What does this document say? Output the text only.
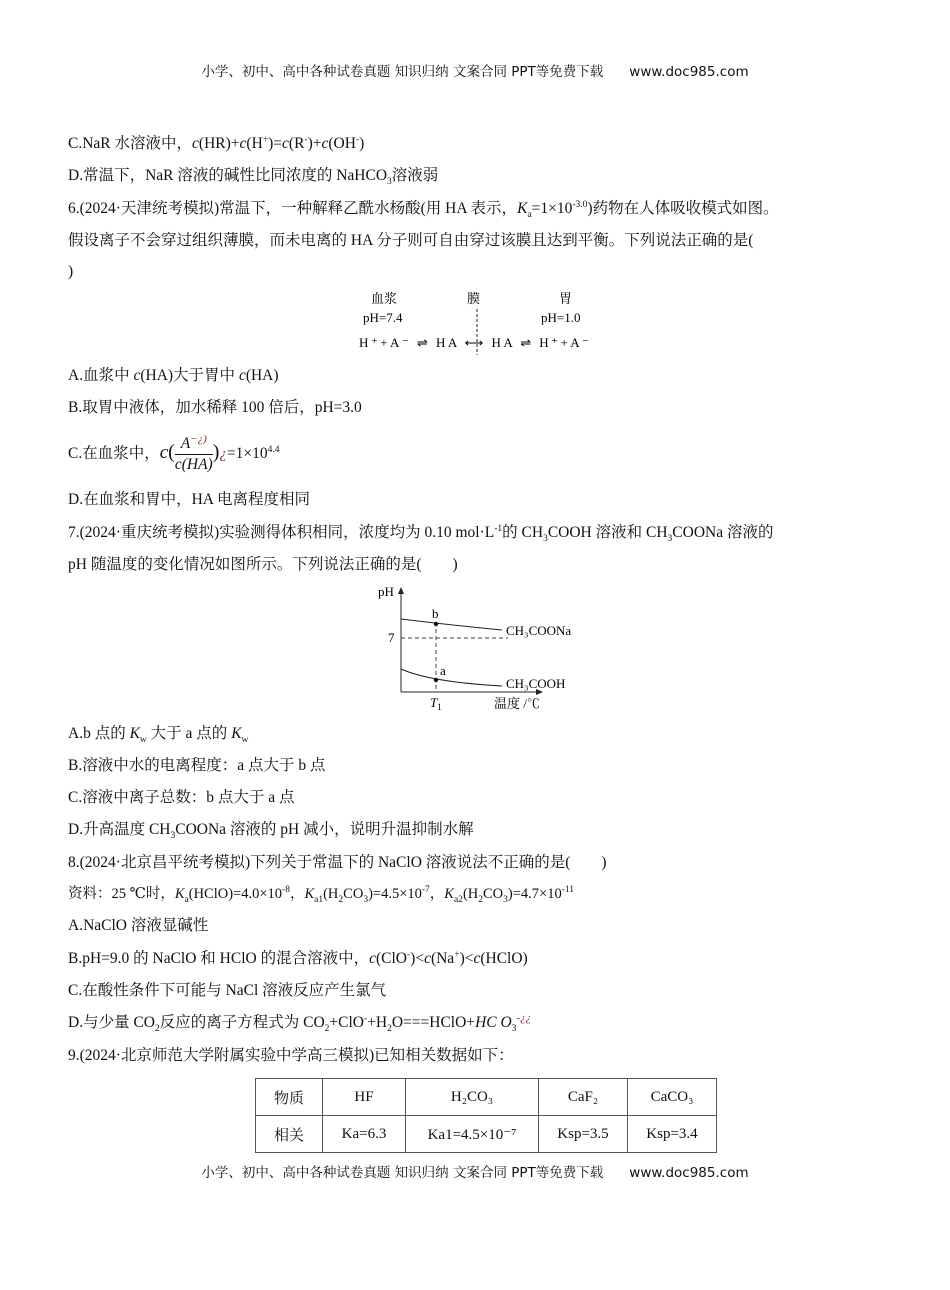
小学、初中、高中各种试卷真题 知识归纳 文案合同 PPT等免费下载 www.doc985.com
C.NaR 水溶液中，c(HR)+c(H+)=c(R-)+c(OH-)
D.常温下，NaR 溶液的碱性比同浓度的 NaHCO$_3$溶液弱
6.(2024·天津统考模拟)常温下，一种解释乙酰水杨酸(用 HA 表示，$K_a=1\times 10^{-3.0}$)药物在人体吸收模式如图。
假设离子不会穿过组织薄膜，而未电离的 HA 分子则可自由穿过该膜且达到平衡。下列说法正确的是(
)
血浆	膜	胃
pH=7.4	pH=1.0
H⁺+A⁻ ⇌ HA ⟷ HA ⇌ H⁺+A⁻
A.血浆中 c(HA)大于胃中 c(HA)
B.取胃中液体，加水稀释 100 倍后，pH=3.0
C.在血浆中，$c( \frac{A^{-¿)}}{c(HA)}$ )¿$=1\times 10^{4.4}$
D.在血浆和胃中，HA 电离程度相同
7.(2024·重庆统考模拟)实验测得体积相同，浓度均为 0.10 $mol\cdot L^{-1}$的 $CH_3COOH$ 溶液和 $CH_3COONa$ 溶液的
pH 随温度的变化情况如图所示。下列说法正确的是(　　)
pH
7
b
a
CH₃COONa
CH₃COOH
$T_1$	温度 /℃
A.b 点的 $K_w$ 大于 a 点的 $K_w$
B.溶液中水的电离程度：a 点大于 b 点
C.溶液中离子总数：b 点大于 a 点
D.升高温度 $CH_3COONa$ 溶液的 pH 减小，说明升温抑制水解
8.(2024·北京昌平统考模拟)下列关于常温下的 NaClO 溶液说法不正确的是(　　)
资料：25 ℃时，$K_a(HClO)=4.0\times 10^{-8}$，$K_{a1}(H_2CO_3)=4.5\times 10^{-7}$，$K_{a2}(H_2CO_3)=4.7\times 10^{-11}$
A.NaClO 溶液显碱性
B.pH=9.0 的 NaClO 和 HClO 的混合溶液中，c(ClO-)<c(Na+)<c(HClO)
C.在酸性条件下可能与 NaCl 溶液反应产生氯气
D.与少量 $CO_2$反应的离子方程式为 $CO_2+ClO^-+H_2O===HClO+HC$ $O_3^{-¿¿}$
9.(2024·北京师范大学附属实验中学高三模拟)已知相关数据如下：
物质	HF	H₂CO₃	CaF₂	CaCO₃
相关	Ka=6.3	Ka1=4.5×10⁻⁷	Ksp=3.5	Ksp=3.4
小学、初中、高中各种试卷真题 知识归纳 文案合同 PPT等免费下载 www.doc985.com
